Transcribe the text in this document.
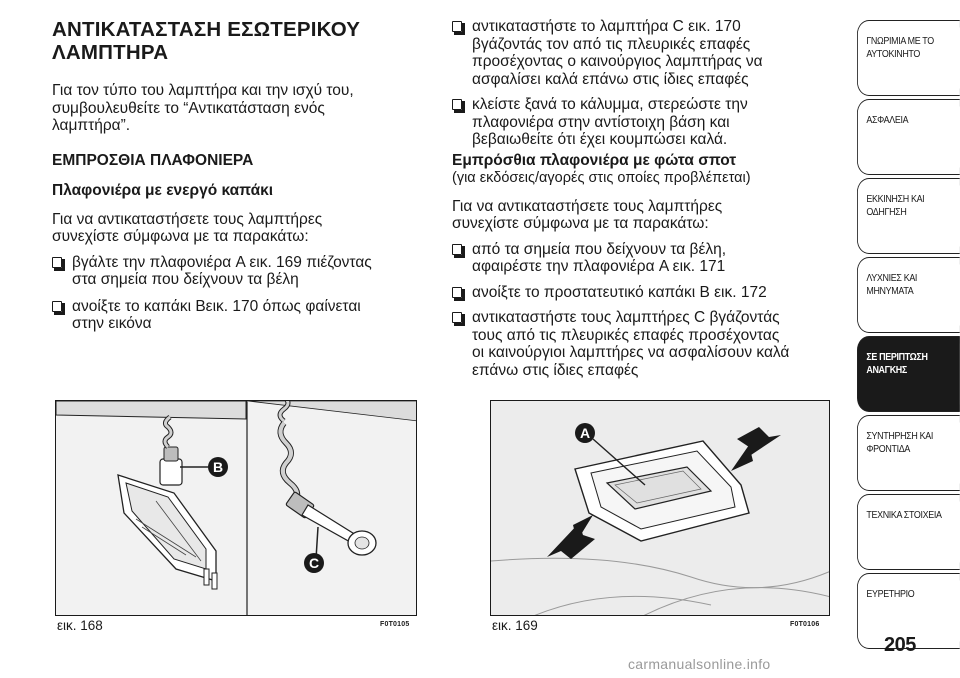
ΑΝΤΙΚΑΤΑΣΤΑΣΗ ΕΣΩΤΕΡΙΚΟΥ
ΛΑΜΠΤΗΡΑ
Για τον τύπο του λαμπτήρα και την ισχύ του,
συμβουλευθείτε το “Αντικατάσταση ενός
λαμπτήρα”.
ΕΜΠΡΟΣΘΙΑ ΠΛΑΦΟΝΙΕΡΑ
Πλαφονιέρα με ενεργό καπάκι
Για να αντικαταστήσετε τους λαμπτήρες
συνεχίστε σύμφωνα με τα παρακάτω:
βγάλτε την πλαφονιέρα A εικ. 169 πιέζοντας
στα σημεία που δείχνουν τα βέλη
ανοίξτε το καπάκι Bεικ. 170 όπως φαίνεται
στην εικόνα
αντικαταστήστε το λαμπτήρα C εικ. 170
βγάζοντάς τον από τις πλευρικές επαφές
προσέχοντας ο καινούργιος λαμπτήρας να
ασφαλίσει καλά επάνω στις ίδιες επαφές
κλείστε ξανά το κάλυμμα, στερεώστε την
πλαφονιέρα στην αντίστοιχη βάση και
βεβαιωθείτε ότι έχει κουμπώσει καλά.
Εμπρόσθια πλαφονιέρα με φώτα σποτ
(για εκδόσεις/αγορές στις οποίες προβλέπεται)
Για να αντικαταστήσετε τους λαμπτήρες
συνεχίστε σύμφωνα με τα παρακάτω:
από τα σημεία που δείχνουν τα βέλη,
αφαιρέστε την πλαφονιέρα A εικ. 171
ανοίξτε το προστατευτικό καπάκι B εικ. 172
αντικαταστήστε τους λαμπτήρες C βγάζοντάς
τους από τις πλευρικές επαφές προσέχοντας
οι καινούργιοι λαμπτήρες να ασφαλίσουν καλά
επάνω στις ίδιες επαφές
B
C
εικ. 168	F0T0105
A
εικ. 169	F0T0106
ΓΝΩΡΙΜΙΑ ΜΕ ΤΟ
ΑΥΤΟΚΙΝΗΤΟ
ΑΣΦΑΛΕΙΑ
ΕΚΚΙΝΗΣΗ ΚΑΙ
ΟΔΗΓΗΣΗ
ΛΥΧΝΙΕΣ ΚΑΙ
ΜΗΝΥΜΑΤΑ
ΣΕ ΠΕΡΙΠΤΩΣΗ
ΑΝΑΓΚΗΣ
ΣΥΝΤΗΡΗΣΗ ΚΑΙ
ΦΡΟΝΤΙΔΑ
ΤΕΧΝΙΚΑ ΣΤΟΙΧΕΙΑ
ΕΥΡΕΤΗΡΙΟ
205
carmanualsonline.info
